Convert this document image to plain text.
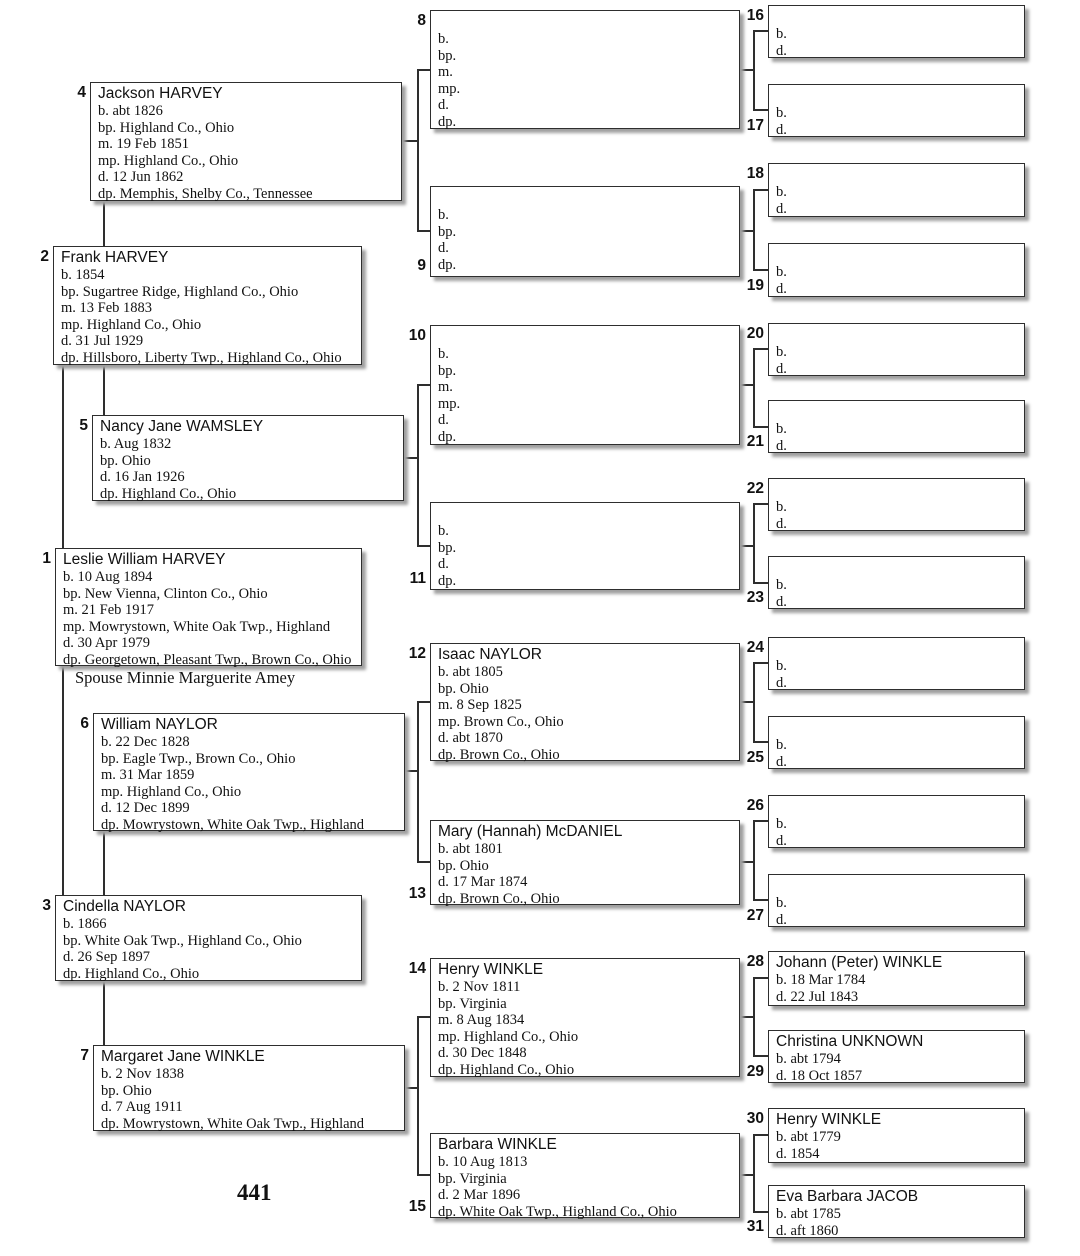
Jackson HARVEY
b. abt 1826
bp. Highland Co., Ohio
m. 19 Feb 1851
mp. Highland Co., Ohio
d. 12 Jun 1862
dp. Memphis, Shelby Co., Tennessee
4
Frank HARVEY
b. 1854
bp. Sugartree Ridge, Highland Co., Ohio
m. 13 Feb 1883
mp. Highland Co., Ohio
d. 31 Jul 1929
dp. Hillsboro, Liberty Twp., Highland Co., Ohio
2
Nancy Jane WAMSLEY
b. Aug 1832
bp. Ohio
d. 16 Jan 1926
dp. Highland Co., Ohio
5
Leslie William HARVEY
b. 10 Aug 1894
bp. New Vienna, Clinton Co., Ohio
m. 21 Feb 1917
mp. Mowrystown, White Oak Twp., Highland
d. 30 Apr 1979
dp. Georgetown, Pleasant Twp., Brown Co., Ohio
1
Spouse Minnie Marguerite Amey
William NAYLOR
b. 22 Dec 1828
bp. Eagle Twp., Brown Co., Ohio
m. 31 Mar 1859
mp. Highland Co., Ohio
d. 12 Dec 1899
dp. Mowrystown, White Oak Twp., Highland
6
Cindella NAYLOR
b. 1866
bp. White Oak Twp., Highland Co., Ohio
d. 26 Sep 1897
dp. Highland Co., Ohio
3
Margaret Jane WINKLE
b. 2 Nov 1838
bp. Ohio
d. 7 Aug 1911
dp. Mowrystown, White Oak Twp., Highland
7
b.
bp.
m.
mp.
d.
dp.
8
b.
bp.
d.
dp.
9
b.
bp.
m.
mp.
d.
dp.
10
b.
bp.
d.
dp.
11
Isaac NAYLOR
b. abt 1805
bp. Ohio
m. 8 Sep 1825
mp. Brown Co., Ohio
d. abt 1870
dp. Brown Co., Ohio
12
Mary (Hannah) McDANIEL
b. abt 1801
bp. Ohio
d. 17 Mar 1874
dp. Brown Co., Ohio
13
Henry WINKLE
b. 2 Nov 1811
bp. Virginia
m. 8 Aug 1834
mp. Highland Co., Ohio
d. 30 Dec 1848
dp. Highland Co., Ohio
14
Barbara WINKLE
b. 10 Aug 1813
bp. Virginia
d. 2 Mar 1896
dp. White Oak Twp., Highland Co., Ohio
15
b.
d.
16
b.
d.
17
b.
d.
18
b.
d.
19
b.
d.
20
b.
d.
21
b.
d.
22
b.
d.
23
b.
d.
24
b.
d.
25
b.
d.
26
b.
d.
27
Johann (Peter) WINKLE
b. 18 Mar 1784
d. 22 Jul 1843
28
Christina UNKNOWN
b. abt 1794
d. 18 Oct 1857
29
Henry WINKLE
b. abt 1779
d. 1854
30
Eva Barbara JACOB
b. abt 1785
d. aft 1860
31
441
